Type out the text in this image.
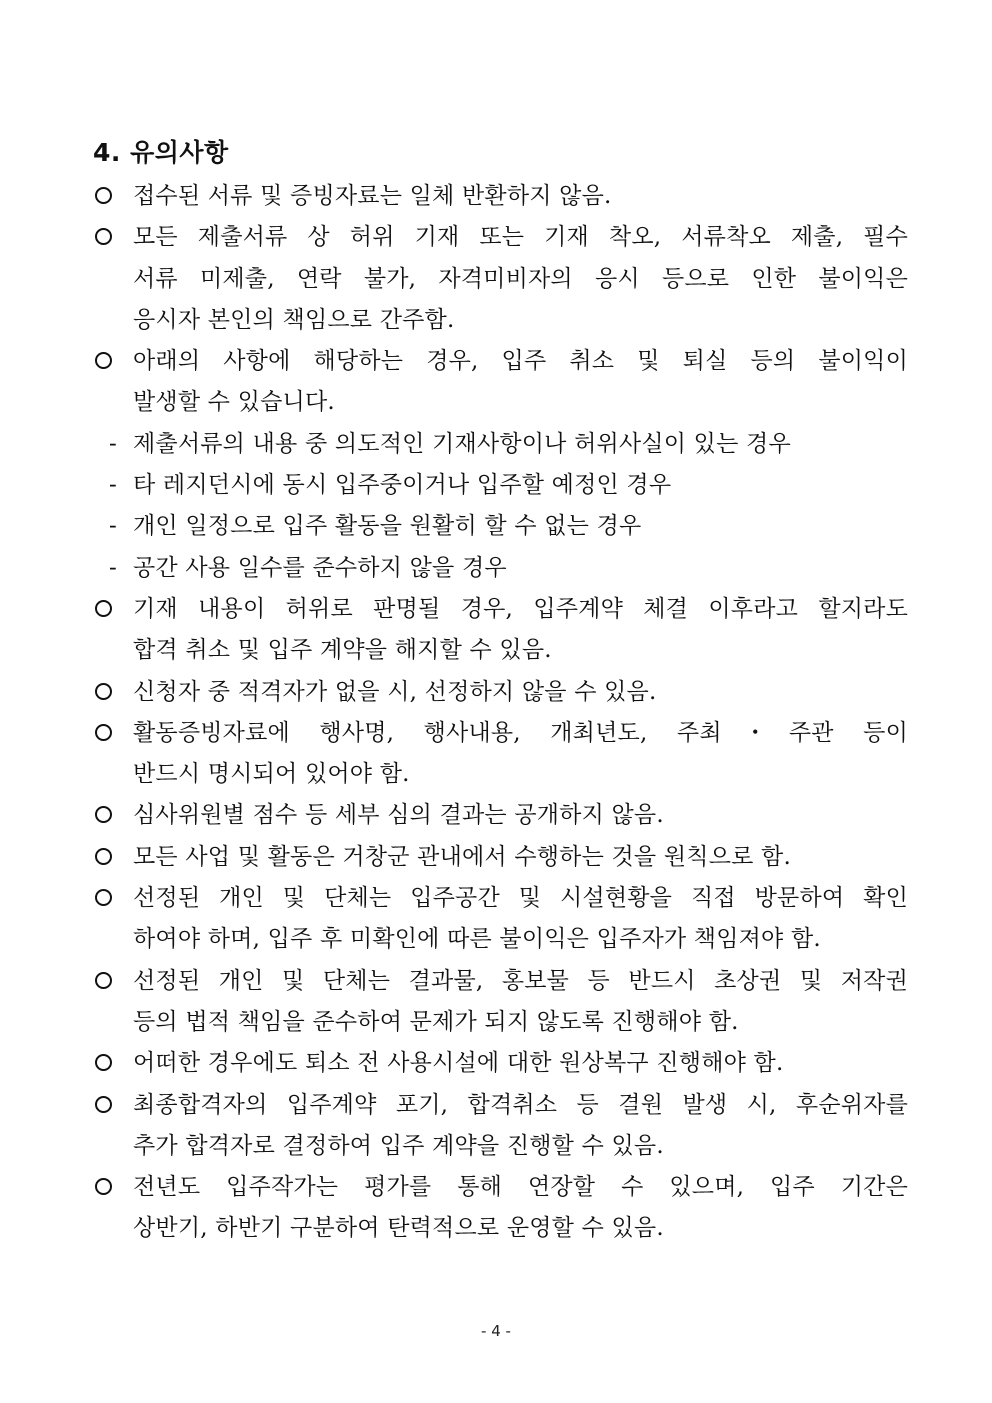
4. 유의사항
접수된 서류 및 증빙자료는 일체 반환하지 않음.
모든 제출서류 상 허위 기재 또는 기재 착오, 서류착오 제출, 필수
서류 미제출, 연락 불가, 자격미비자의 응시 등으로 인한 불이익은
응시자 본인의 책임으로 간주함.
아래의 사항에 해당하는 경우, 입주 취소 및 퇴실 등의 불이익이
발생할 수 있습니다.
- 제출서류의 내용 중 의도적인 기재사항이나 허위사실이 있는 경우
- 타 레지던시에 동시 입주중이거나 입주할 예정인 경우
- 개인 일정으로 입주 활동을 원활히 할 수 없는 경우
- 공간 사용 일수를 준수하지 않을 경우
기재 내용이 허위로 판명될 경우, 입주계약 체결 이후라고 할지라도
합격 취소 및 입주 계약을 해지할 수 있음.
신청자 중 적격자가 없을 시, 선정하지 않을 수 있음.
활동증빙자료에 행사명, 행사내용, 개최년도, 주최・주관 등이
반드시 명시되어 있어야 함.
심사위원별 점수 등 세부 심의 결과는 공개하지 않음.
모든 사업 및 활동은 거창군 관내에서 수행하는 것을 원칙으로 함.
선정된 개인 및 단체는 입주공간 및 시설현황을 직접 방문하여 확인
하여야 하며, 입주 후 미확인에 따른 불이익은 입주자가 책임져야 함.
선정된 개인 및 단체는 결과물, 홍보물 등 반드시 초상권 및 저작권
등의 법적 책임을 준수하여 문제가 되지 않도록 진행해야 함.
어떠한 경우에도 퇴소 전 사용시설에 대한 원상복구 진행해야 함.
최종합격자의 입주계약 포기, 합격취소 등 결원 발생 시, 후순위자를
추가 합격자로 결정하여 입주 계약을 진행할 수 있음.
전년도 입주작가는 평가를 통해 연장할 수 있으며, 입주 기간은
상반기, 하반기 구분하여 탄력적으로 운영할 수 있음.
- 4 -
